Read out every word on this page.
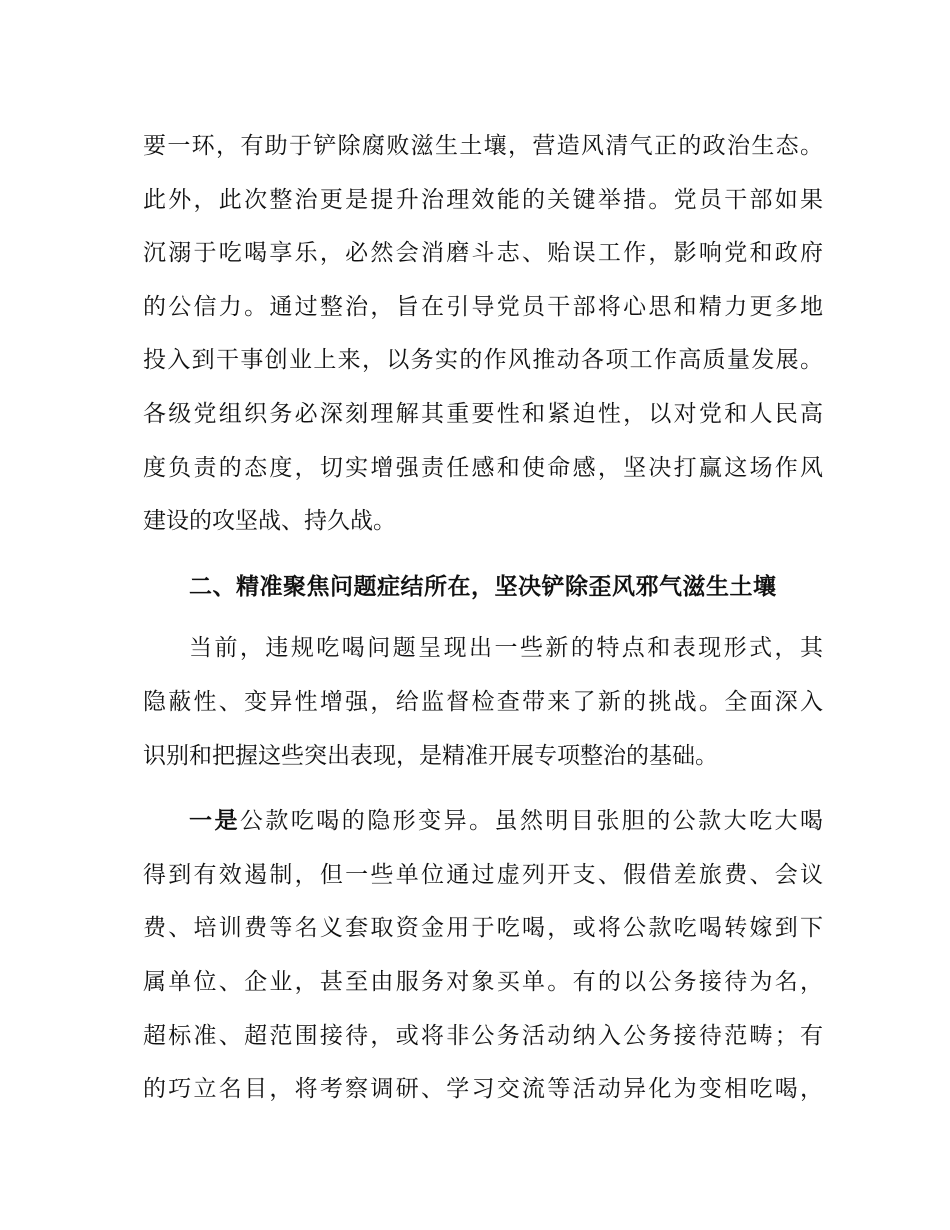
要一环，有助于铲除腐败滋生土壤，营造风清气正的政治生态。
此外，此次整治更是提升治理效能的关键举措。党员干部如果
沉溺于吃喝享乐，必然会消磨斗志、贻误工作，影响党和政府
的公信力。通过整治，旨在引导党员干部将心思和精力更多地
投入到干事创业上来，以务实的作风推动各项工作高质量发展。
各级党组织务必深刻理解其重要性和紧迫性，以对党和人民高
度负责的态度，切实增强责任感和使命感，坚决打赢这场作风
建设的攻坚战、持久战。
二、精准聚焦问题症结所在，坚决铲除歪风邪气滋生土壤
当前，违规吃喝问题呈现出一些新的特点和表现形式，其
隐蔽性、变异性增强，给监督检查带来了新的挑战。全面深入
识别和把握这些突出表现，是精准开展专项整治的基础。
一是公款吃喝的隐形变异。虽然明目张胆的公款大吃大喝
得到有效遏制，但一些单位通过虚列开支、假借差旅费、会议
费、培训费等名义套取资金用于吃喝，或将公款吃喝转嫁到下
属单位、企业，甚至由服务对象买单。有的以公务接待为名，
超标准、超范围接待，或将非公务活动纳入公务接待范畴；有
的巧立名目，将考察调研、学习交流等活动异化为变相吃喝，
